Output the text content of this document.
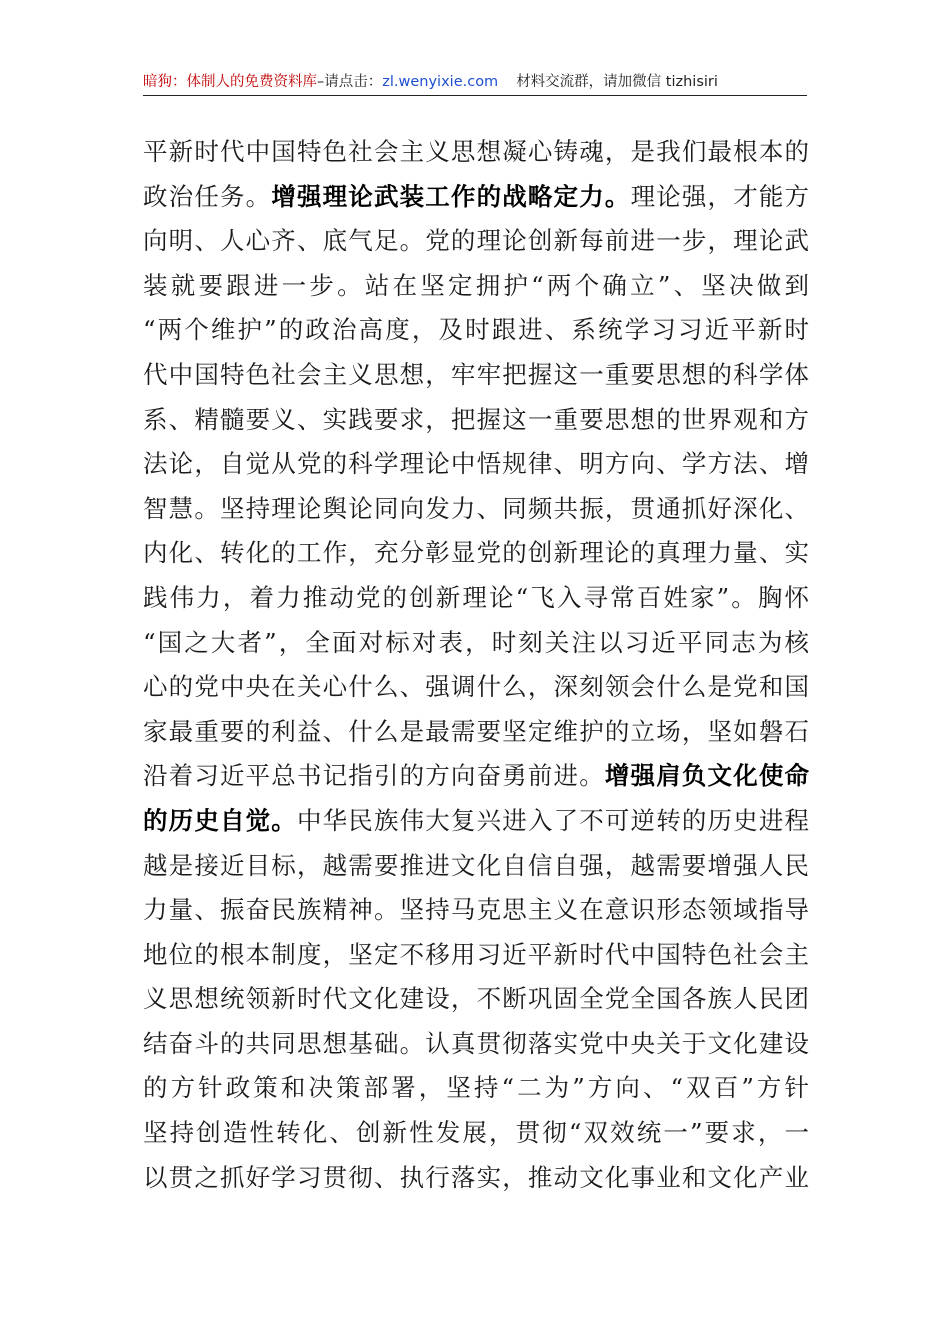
暗狗：体制人的免费资料库–请点击：zl.wenyixie.com 材料交流群，请加微信 tizhisiri
平新时代中国特色社会主义思想凝心铸魂，是我们最根本的
政治任务。增强理论武装工作的战略定力。理论强，才能方
向明、人心齐、底气足。党的理论创新每前进一步，理论武
装就要跟进一步。站在坚定拥护“两个确立”、坚决做到
“两个维护”的政治高度，及时跟进、系统学习习近平新时
代中国特色社会主义思想，牢牢把握这一重要思想的科学体
系、精髓要义、实践要求，把握这一重要思想的世界观和方
法论，自觉从党的科学理论中悟规律、明方向、学方法、增
智慧。坚持理论舆论同向发力、同频共振，贯通抓好深化、
内化、转化的工作，充分彰显党的创新理论的真理力量、实
践伟力，着力推动党的创新理论“飞入寻常百姓家”。胸怀
“国之大者”，全面对标对表，时刻关注以习近平同志为核
心的党中央在关心什么、强调什么，深刻领会什么是党和国
家最重要的利益、什么是最需要坚定维护的立场，坚如磐石
沿着习近平总书记指引的方向奋勇前进。增强肩负文化使命
的历史自觉。中华民族伟大复兴进入了不可逆转的历史进程
越是接近目标，越需要推进文化自信自强，越需要增强人民
力量、振奋民族精神。坚持马克思主义在意识形态领域指导
地位的根本制度，坚定不移用习近平新时代中国特色社会主
义思想统领新时代文化建设，不断巩固全党全国各族人民团
结奋斗的共同思想基础。认真贯彻落实党中央关于文化建设
的方针政策和决策部署，坚持“二为”方向、“双百”方针
坚持创造性转化、创新性发展，贯彻“双效统一”要求，一
以贯之抓好学习贯彻、执行落实，推动文化事业和文化产业
